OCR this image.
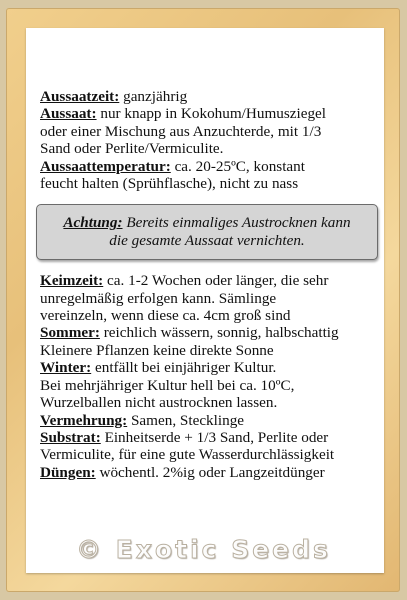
Aussaatzeit: ganzjährig
Aussaat: nur knapp in Kokohum/Humusziegel
oder einer Mischung aus Anzuchterde, mit 1/3
Sand oder Perlite/Vermiculite.
Aussaattemperatur: ca. 20-25ºC, konstant
feucht halten (Sprühflasche), nicht zu nass
Achtung: Bereits einmaliges Austrocknen kann
die gesamte Aussaat vernichten.
Keimzeit: ca. 1-2 Wochen oder länger, die sehr
unregelmäßig erfolgen kann. Sämlinge
vereinzeln, wenn diese ca. 4cm groß sind
Sommer: reichlich wässern, sonnig, halbschattig
Kleinere Pflanzen keine direkte Sonne
Winter: entfällt bei einjähriger Kultur.
Bei mehrjähriger Kultur hell bei ca. 10ºC,
Wurzelballen nicht austrocknen lassen.
Vermehrung: Samen, Stecklinge
Substrat: Einheitserde + 1/3 Sand, Perlite oder
Vermiculite, für eine gute Wasserdurchlässigkeit
Düngen: wöchentl. 2%ig oder Langzeitdünger
© Exotic Seeds
